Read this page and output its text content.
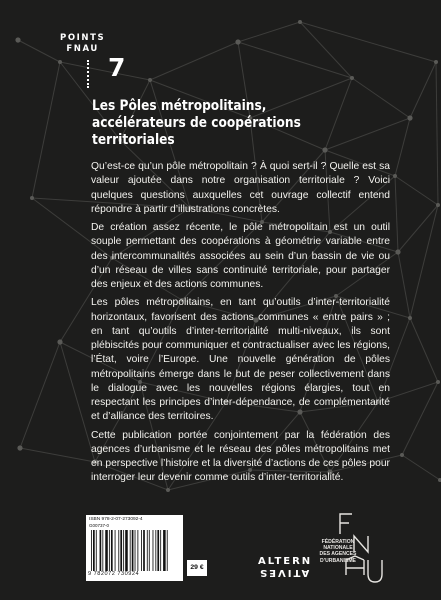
POINTS
FNAU
7
Les Pôles métropolitains, accélérateurs de coopérations territoriales

Qu’est-ce qu’un pôle métropolitain ? À quoi sert-il ? Quelle est sa valeur ajoutée dans notre organisation territoriale ? Voici quelques questions auxquelles cet ouvrage collectif entend répondre à partir d’illustrations concrètes.

De création assez récente, le pôle métropolitain est un outil souple permettant des coopérations à géométrie variable entre des intercommunalités associées au sein d’un bassin de vie ou d’un réseau de villes sans continuité territoriale, pour partager des enjeux et des actions communes.

Les pôles métropolitains, en tant qu’outils d’inter-territorialité horizontaux, favorisent des actions communes « entre pairs » ; en tant qu’outils d’inter-territorialité multi-niveaux, ils sont plébiscités pour communiquer et contractualiser avec les régions, l’État, voire l’Europe. Une nouvelle génération de pôles métropolitains émerge dans le but de peser collectivement dans le dialogue avec les nouvelles régions élargies, tout en respectant les principes d’inter-dépendance, de complémentarité et d’alliance des territoires.

Cette publication portée conjointement par la fédération des agences d’urbanisme et le réseau des pôles métropolitains met en perspective l’histoire et la diversité d’actions de ces pôles pour interroger leur devenir comme outils d’inter-territorialité.

ISBN 978-2-07-273092-4
G00737-0
9 782072 730924
29 €
ALTERN
ATIVES
FÉDÉRATION
NATIONALE
DES AGENCES
D’URBANISME
